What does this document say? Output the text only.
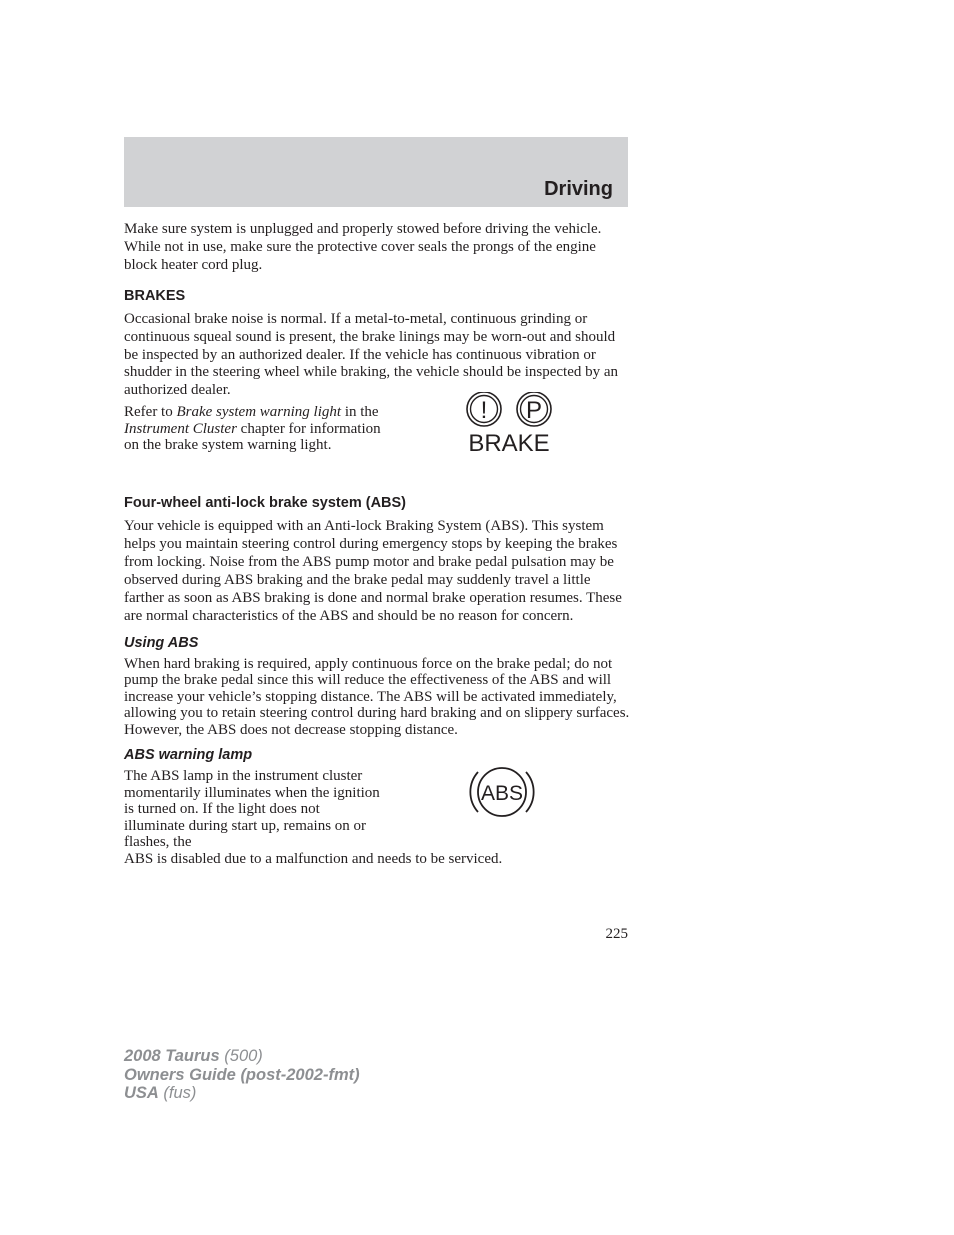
Driving

Make sure system is unplugged and properly stowed before driving the vehicle. While not in use, make sure the protective cover seals the prongs of the engine block heater cord plug.

BRAKES

Occasional brake noise is normal. If a metal-to-metal, continuous grinding or continuous squeal sound is present, the brake linings may be worn-out and should be inspected by an authorized dealer. If the vehicle has continuous vibration or shudder in the steering wheel while braking, the vehicle should be inspected by an authorized dealer.

Refer to Brake system warning light in the Instrument Cluster chapter for information on the brake system warning light.

! P
BRAKE
Four-wheel anti-lock brake system (ABS)

Your vehicle is equipped with an Anti-lock Braking System (ABS). This system helps you maintain steering control during emergency stops by keeping the brakes from locking. Noise from the ABS pump motor and brake pedal pulsation may be observed during ABS braking and the brake pedal may suddenly travel a little farther as soon as ABS braking is done and normal brake operation resumes. These are normal characteristics of the ABS and should be no reason for concern.

Using ABS

When hard braking is required, apply continuous force on the brake pedal; do not pump the brake pedal since this will reduce the effectiveness of the ABS and will increase your vehicle’s stopping distance. The ABS will be activated immediately, allowing you to retain steering control during hard braking and on slippery surfaces. However, the ABS does not decrease stopping distance.

ABS warning lamp

The ABS lamp in the instrument cluster momentarily illuminates when the ignition is turned on. If the light does not illuminate during start up, remains on or flashes, the

ABS is disabled due to a malfunction and needs to be serviced.

ABS
225
2008 Taurus (500)
Owners Guide (post-2002-fmt)
USA (fus)
